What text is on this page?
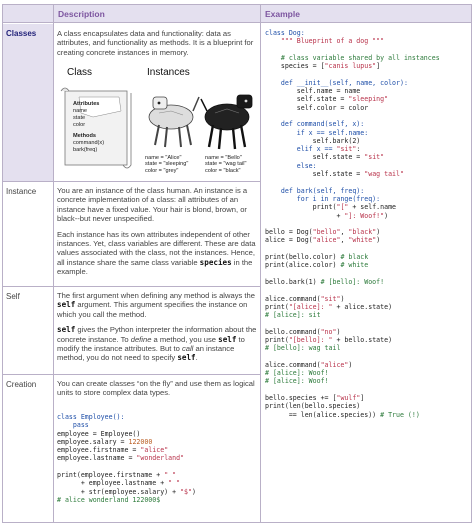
Description	Example
Classes
Instance
Self
Creation

A class encapsulates data and functionality: data as attributes, and functionality as methods. It is a blueprint for creating concrete instances in memory.

Class	Instances
Attributes
name
state
color
Methods
command(x)
bark(freq)
name = "Alice"
state = "sleeping"
color = "grey"
name = "Bello"
state = "wag tail"
color = "black"

You are an instance of the class human. An instance is a concrete implementation of a class: all attributes of an instance have a fixed value. Your hair is blond, brown, or black--but never unspecified.

Each instance has its own attributes independent of other instances. Yet, class variables are different. These are data values associated with the class, not the instances. Hence, all instance share the same class variable species in the example.

The first argument when defining any method is always the self argument. This argument specifies the instance on which you call the method.

self gives the Python interpreter the information about the concrete instance. To define a method, you use self to modify the instance attributes. But to call an instance method, you do not need to specify self.

You can create classes “on the fly” and use them as logical units to store complex data types.

class Employee():
pass
employee = Employee()
employee.salary = 122000
employee.firstname = "alice"
employee.lastname = "wonderland"

print(employee.firstname + " "
+ employee.lastname + " "
+ str(employee.salary) + "$")
# alice wonderland 122000$
class Dog:
""" Blueprint of a dog """

# class variable shared by all instances
species = ["canis lupus"]

def __init__(self, name, color):
self.name = name
self.state = "sleeping"
self.color = color

def command(self, x):
if x == self.name:
self.bark(2)
elif x == "sit":
self.state = "sit"
else:
self.state = "wag tail"

def bark(self, freq):
for i in range(freq):
print("[" + self.name
+ "]: Woof!")

bello = Dog("bello", "black")
alice = Dog("alice", "white")

print(bello.color) # black
print(alice.color) # white

bello.bark(1) # [bello]: Woof!

alice.command("sit")
print("[alice]: " + alice.state)
# [alice]: sit

bello.command("no")
print("[bello]: " + bello.state)
# [bello]: wag tail

alice.command("alice")
# [alice]: Woof!
# [alice]: Woof!

bello.species += ["wulf"]
print(len(bello.species)
== len(alice.species)) # True (!)
